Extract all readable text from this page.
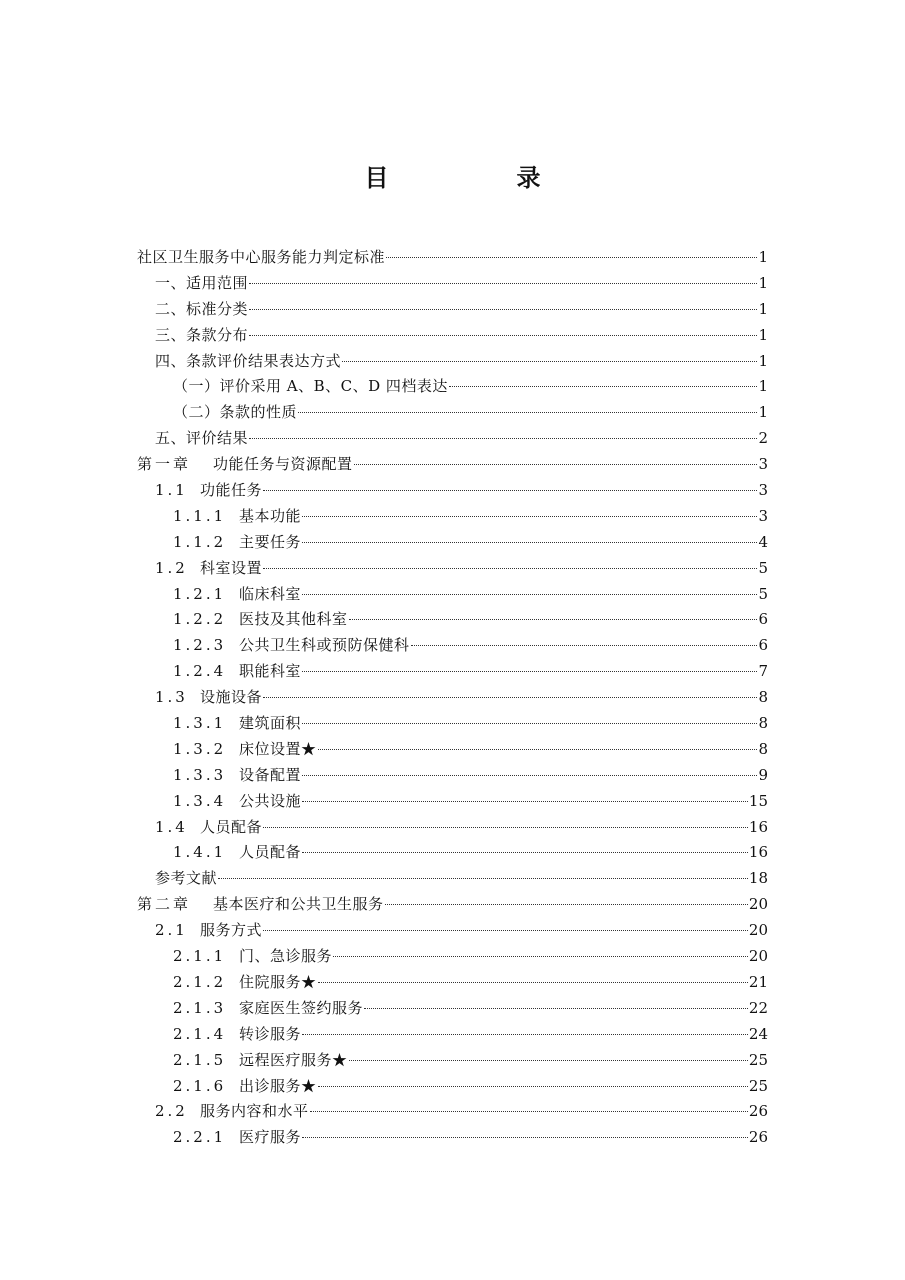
目　录
社区卫生服务中心服务能力判定标准	1
一、适用范围	1
二、标准分类	1
三、条款分布	1
四、条款评价结果表达方式	1
（一）评价采用 A、B、C、D 四档表达	1
（二）条款的性质	1
五、评价结果	2
第一章	功能任务与资源配置	3
1.1 功能任务	3
1.1.1 基本功能	3
1.1.2 主要任务	4
1.2 科室设置	5
1.2.1 临床科室	5
1.2.2 医技及其他科室	6
1.2.3 公共卫生科或预防保健科	6
1.2.4 职能科室	7
1.3 设施设备	8
1.3.1 建筑面积	8
1.3.2 床位设置★	8
1.3.3 设备配置	9
1.3.4 公共设施	15
1.4 人员配备	16
1.4.1 人员配备	16
参考文献	18
第二章	基本医疗和公共卫生服务	20
2.1 服务方式	20
2.1.1 门、急诊服务	20
2.1.2 住院服务★	21
2.1.3 家庭医生签约服务	22
2.1.4 转诊服务	24
2.1.5 远程医疗服务★	25
2.1.6 出诊服务★	25
2.2 服务内容和水平	26
2.2.1 医疗服务	26
